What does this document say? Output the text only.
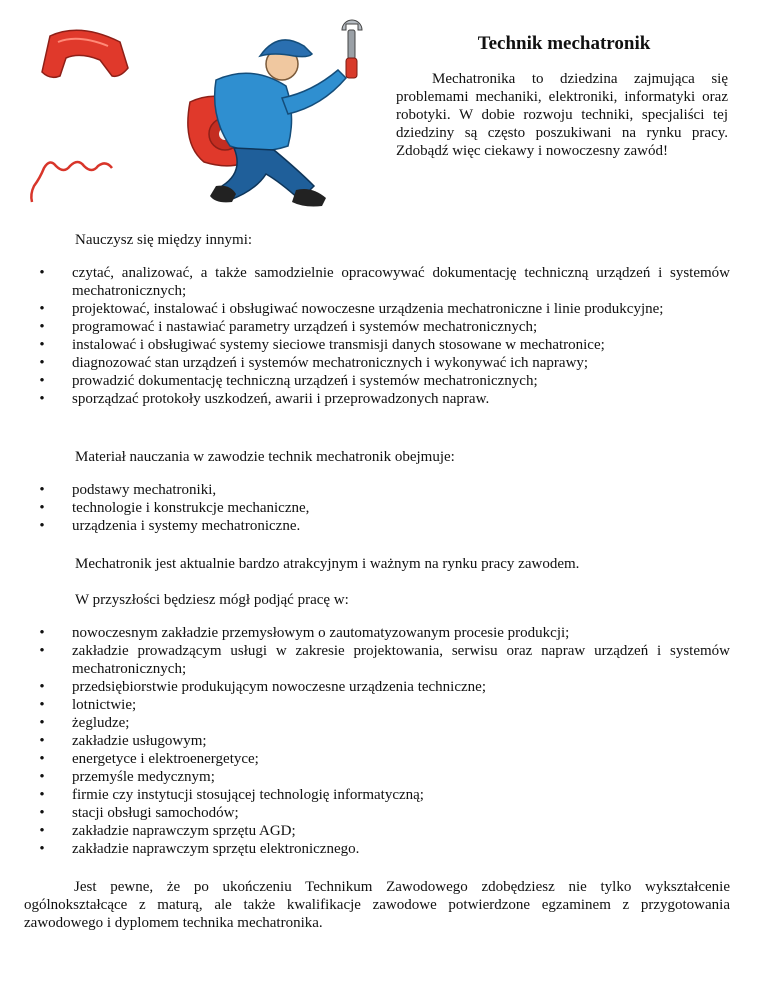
Technik mechatronik
Mechatronika to dziedzina zajmująca się problemami mechaniki, elektroniki, informatyki oraz robotyki. W dobie rozwoju techniki, specjaliści tej dziedziny są często poszukiwani na rynku pracy. Zdobądź więc ciekawy i nowoczesny zawód!
Nauczysz się między innymi:
•	czytać, analizować, a także samodzielnie opracowywać dokumentację techniczną urządzeń i systemów mechatronicznych;
•	projektować, instalować i obsługiwać nowoczesne urządzenia mechatroniczne i linie produkcyjne;
•	programować i nastawiać parametry urządzeń i systemów mechatronicznych;
•	instalować i obsługiwać systemy sieciowe transmisji danych stosowane w mechatronice;
•	diagnozować stan urządzeń i systemów mechatronicznych i wykonywać ich naprawy;
•	prowadzić dokumentację techniczną urządzeń i systemów mechatronicznych;
•	sporządzać protokoły uszkodzeń, awarii i przeprowadzonych napraw.
Materiał nauczania w zawodzie technik mechatronik obejmuje:
•	podstawy mechatroniki,
•	technologie i konstrukcje mechaniczne,
•	urządzenia i systemy mechatroniczne.
Mechatronik jest aktualnie bardzo atrakcyjnym i ważnym na rynku pracy zawodem.
W przyszłości będziesz mógł podjąć pracę w:
•	nowoczesnym zakładzie przemysłowym o zautomatyzowanym procesie produkcji;
•	zakładzie prowadzącym usługi w zakresie projektowania, serwisu oraz napraw urządzeń i systemów mechatronicznych;
•	przedsiębiorstwie produkującym nowoczesne urządzenia techniczne;
•	lotnictwie;
•	żegludze;
•	zakładzie usługowym;
•	energetyce i elektroenergetyce;
•	przemyśle medycznym;
•	firmie czy instytucji stosującej technologię informatyczną;
•	stacji obsługi samochodów;
•	zakładzie naprawczym sprzętu AGD;
•	zakładzie naprawczym sprzętu elektronicznego.
Jest pewne, że po ukończeniu Technikum Zawodowego zdobędziesz nie tylko wykształcenie ogólnokształcące z maturą, ale także kwalifikacje zawodowe potwierdzone egzaminem z przygotowania zawodowego i dyplomem technika mechatronika.
